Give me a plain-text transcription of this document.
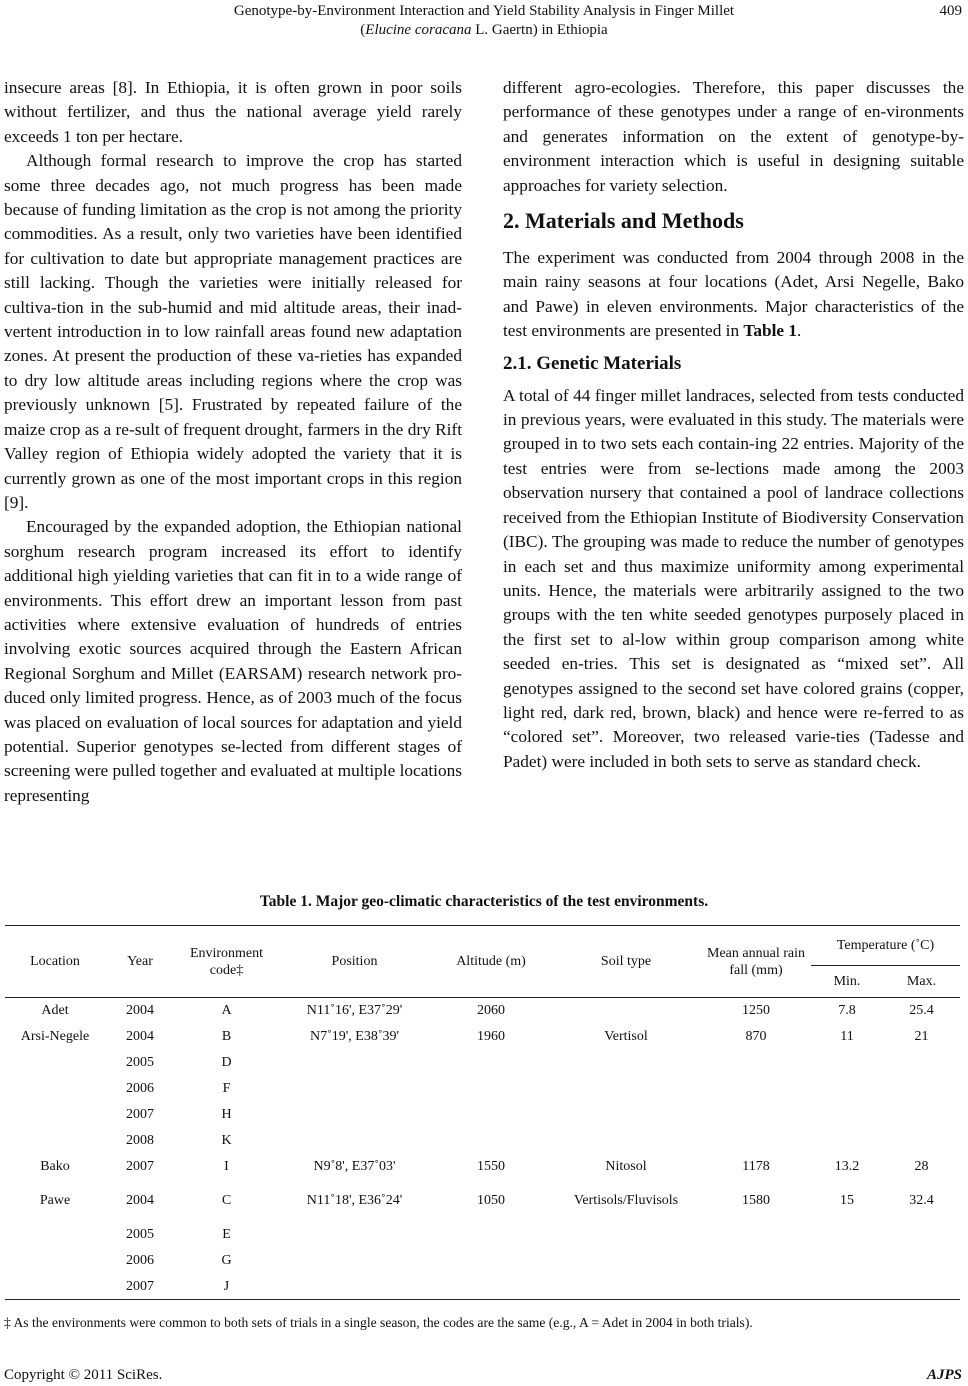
Genotype-by-Environment Interaction and Yield Stability Analysis in Finger Millet
(Elucine coracana L. Gaertn) in Ethiopia
409

insecure areas [8]. In Ethiopia, it is often grown in poor soils without fertilizer, and thus the national average yield rarely exceeds 1 ton per hectare.

Although formal research to improve the crop has started some three decades ago, not much progress has been made because of funding limitation as the crop is not among the priority commodities. As a result, only two varieties have been identified for cultivation to date but appropriate management practices are still lacking. Though the varieties were initially released for cultiva-tion in the sub-humid and mid altitude areas, their inad-vertent introduction in to low rainfall areas found new adaptation zones. At present the production of these va-rieties has expanded to dry low altitude areas including regions where the crop was previously unknown [5]. Frustrated by repeated failure of the maize crop as a re-sult of frequent drought, farmers in the dry Rift Valley region of Ethiopia widely adopted the variety that it is currently grown as one of the most important crops in this region [9].

Encouraged by the expanded adoption, the Ethiopian national sorghum research program increased its effort to identify additional high yielding varieties that can fit in to a wide range of environments. This effort drew an important lesson from past activities where extensive evaluation of hundreds of entries involving exotic sources acquired through the Eastern African Regional Sorghum and Millet (EARSAM) research network pro-duced only limited progress. Hence, as of 2003 much of the focus was placed on evaluation of local sources for adaptation and yield potential. Superior genotypes se-lected from different stages of screening were pulled together and evaluated at multiple locations representing

different agro-ecologies. Therefore, this paper discusses the performance of these genotypes under a range of en-vironments and generates information on the extent of genotype-by-environment interaction which is useful in designing suitable approaches for variety selection.

2. Materials and Methods

The experiment was conducted from 2004 through 2008 in the main rainy seasons at four locations (Adet, Arsi Negelle, Bako and Pawe) in eleven environments. Major characteristics of the test environments are presented in Table 1.

2.1. Genetic Materials

A total of 44 finger millet landraces, selected from tests conducted in previous years, were evaluated in this study. The materials were grouped in to two sets each contain-ing 22 entries. Majority of the test entries were from se-lections made among the 2003 observation nursery that contained a pool of landrace collections received from the Ethiopian Institute of Biodiversity Conservation (IBC). The grouping was made to reduce the number of genotypes in each set and thus maximize uniformity among experimental units. Hence, the materials were arbitrarily assigned to the two groups with the ten white seeded genotypes purposely placed in the first set to al-low within group comparison among white seeded en-tries. This set is designated as “mixed set”. All genotypes assigned to the second set have colored grains (copper, light red, dark red, brown, black) and hence were re-ferred to as “colored set”. Moreover, two released varie-ties (Tadesse and Padet) were included in both sets to serve as standard check.

Table 1. Major geo-climatic characteristics of the test environments.
Location	Year	Environment code‡	Position	Altitude (m)	Soil type	Mean annual rain fall (mm)	Temperature (˚C)	
							Min.	Max.
Adet	2004	A	N11˚16', E37˚29'	2060		1250	7.8	25.4
Arsi-Negele	2004	B	N7˚19', E38˚39'	1960	Vertisol	870	11	21
	2005	D						
	2006	F						
	2007	H						
	2008	K						
Bako	2007	I	N9˚8', E37˚03'	1550	Nitosol	1178	13.2	28
Pawe	2004	C	N11˚18', E36˚24'	1050	Vertisols/Fluvisols	1580	15	32.4
	2005	E						
	2006	G						
	2007	J						
‡ As the environments were common to both sets of trials in a single season, the codes are the same (e.g., A = Adet in 2004 in both trials).
Copyright © 2011 SciRes.	AJPS
